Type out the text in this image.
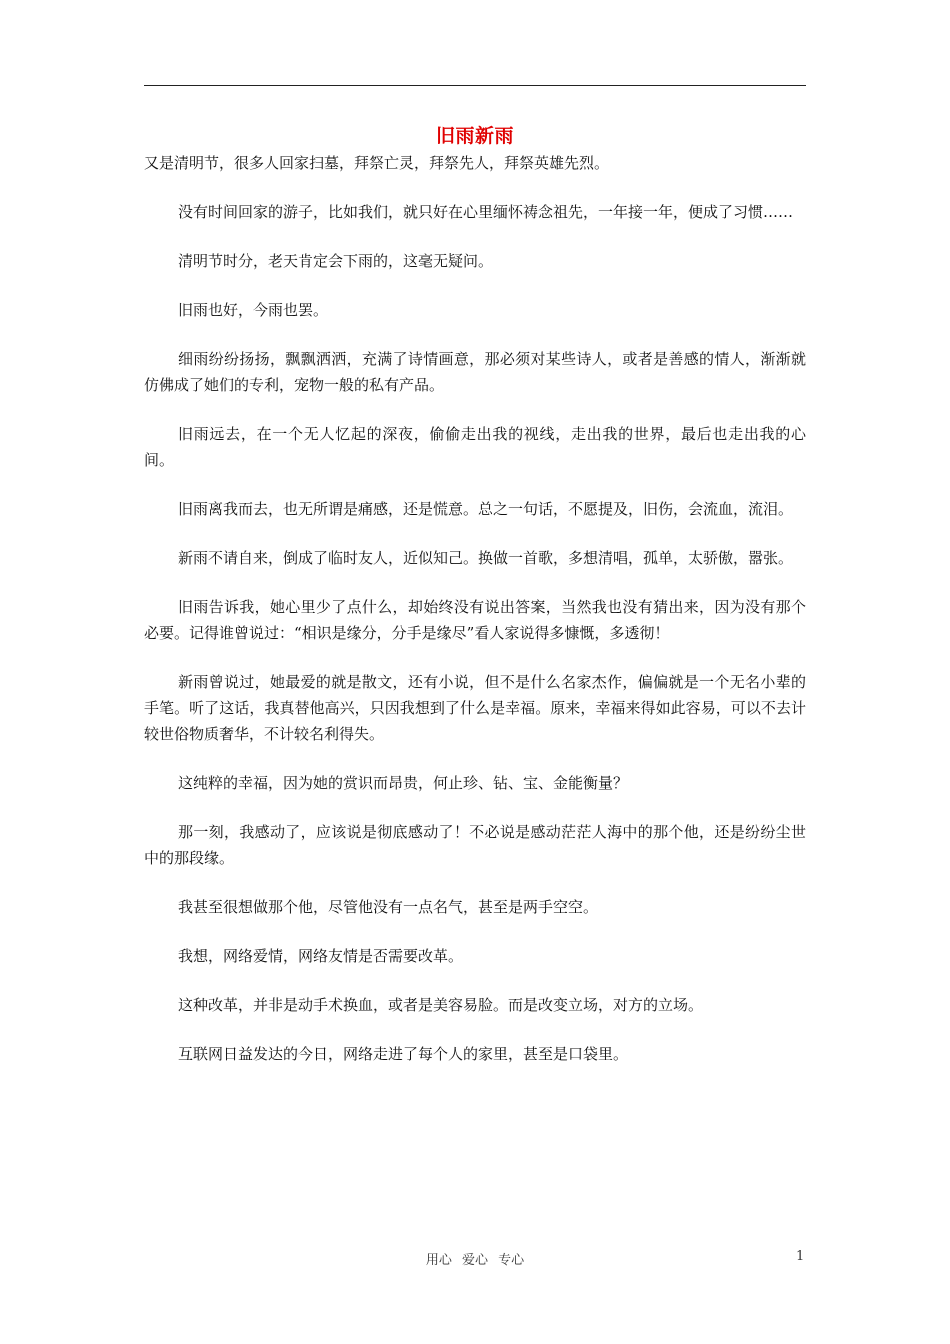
旧雨新雨

又是清明节，很多人回家扫墓，拜祭亡灵，拜祭先人，拜祭英雄先烈。

没有时间回家的游子，比如我们，就只好在心里缅怀祷念祖先，一年接一年，便成了习惯……

清明节时分，老天肯定会下雨的，这毫无疑问。

旧雨也好，今雨也罢。

细雨纷纷扬扬，飘飘洒洒，充满了诗情画意，那必须对某些诗人，或者是善感的情人，渐渐就仿佛成了她们的专利，宠物一般的私有产品。

旧雨远去，在一个无人忆起的深夜，偷偷走出我的视线，走出我的世界，最后也走出我的心间。

旧雨离我而去，也无所谓是痛感，还是慌意。总之一句话，不愿提及，旧伤，会流血，流泪。

新雨不请自来，倒成了临时友人，近似知己。换做一首歌，多想清唱，孤单，太骄傲，嚣张。

旧雨告诉我，她心里少了点什么，却始终没有说出答案，当然我也没有猜出来，因为没有那个必要。记得谁曾说过：“相识是缘分，分手是缘尽”看人家说得多慷慨，多透彻！

新雨曾说过，她最爱的就是散文，还有小说，但不是什么名家杰作，偏偏就是一个无名小辈的手笔。听了这话，我真替他高兴，只因我想到了什么是幸福。原来，幸福来得如此容易，可以不去计较世俗物质奢华，不计较名利得失。

这纯粹的幸福，因为她的赏识而昂贵，何止珍、钻、宝、金能衡量？

那一刻，我感动了，应该说是彻底感动了！不必说是感动茫茫人海中的那个他，还是纷纷尘世中的那段缘。

我甚至很想做那个他，尽管他没有一点名气，甚至是两手空空。

我想，网络爱情，网络友情是否需要改革。

这种改革，并非是动手术换血，或者是美容易脸。而是改变立场，对方的立场。

互联网日益发达的今日，网络走进了每个人的家里，甚至是口袋里。

用心 爱心 专心	1
